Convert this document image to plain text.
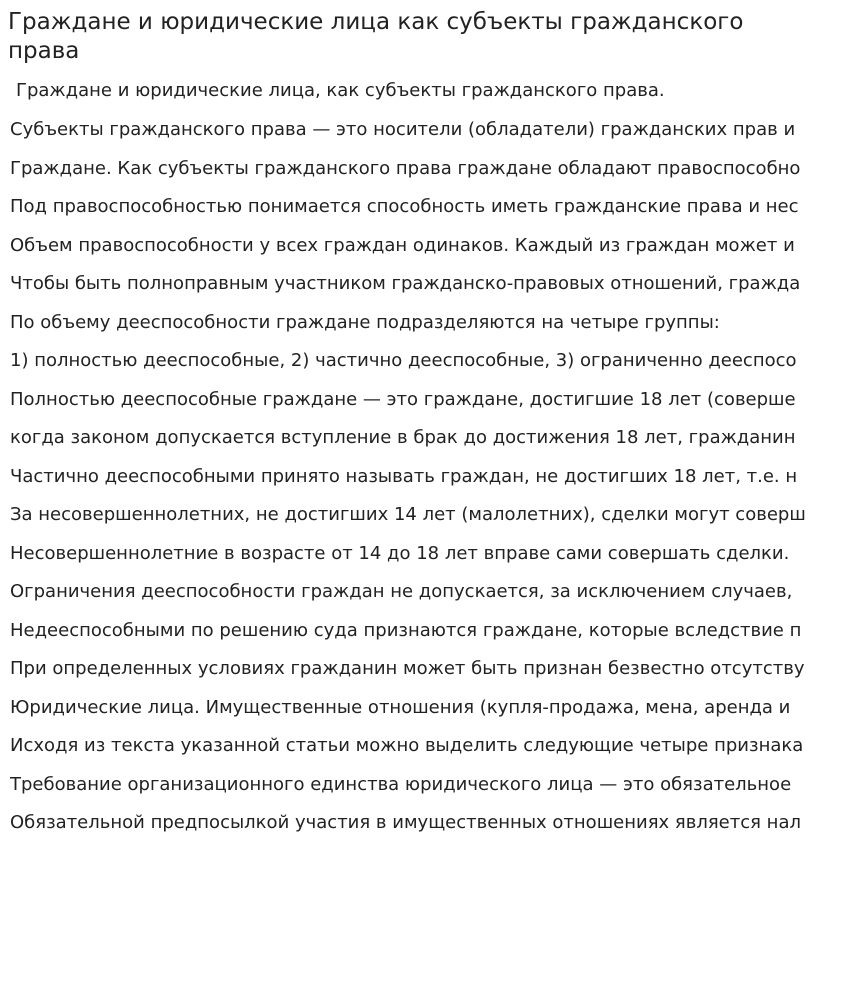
Граждане и юридические лица как субъекты гражданского права
Граждане и юридические лица, как субъекты гражданского права.

Субъекты гражданского права — это носители (обладатели) гражданских прав и

Граждане. Как субъекты гражданского права граждане обладают правоспособно

Под правоспособностью понимается способность иметь гражданские права и нес

Объем правоспособности у всех граждан одинаков. Каждый из граждан может и

Чтобы быть полноправным участником гражданско-правовых отношений, гражда

По объему дееспособности граждане подразделяются на четыре группы:

1) полностью дееспособные, 2) частично дееспособные, 3) ограниченно дееспосо

Полностью дееспособные граждане — это граждане, достигшие 18 лет (соверше

когда законом допускается вступление в брак до достижения 18 лет, гражданин

Частично дееспособными принято называть граждан, не достигших 18 лет, т.е. н

За несовершеннолетних, не достигших 14 лет (малолетних), сделки могут соверш

Несовершеннолетние в возрасте от 14 до 18 лет вправе сами совершать сделки.

Ограничения дееспособности граждан не допускается, за исключением случаев,

Недееспособными по решению суда признаются граждане, которые вследствие п

При определенных условиях гражданин может быть признан безвестно отсутству

Юридические лица. Имущественные отношения (купля-продажа, мена, аренда и

Исходя из текста указанной статьи можно выделить следующие четыре признака

Требование организационного единства юридического лица — это обязательное

Обязательной предпосылкой участия в имущественных отношениях является нал
